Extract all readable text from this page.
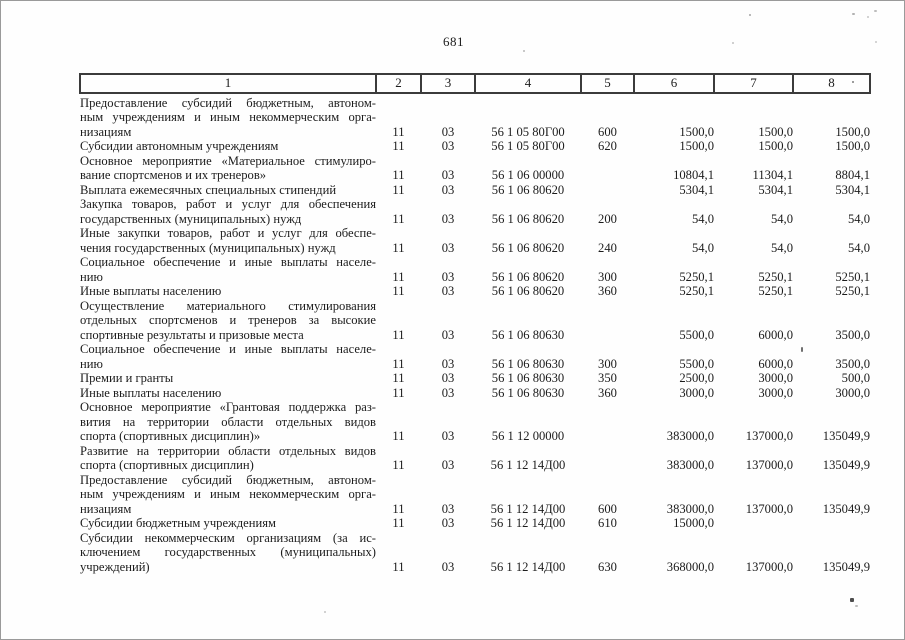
681
1	2	3	4	5	6	7	8

Предоставление субсидий бюджетным, автоном-
ным учреждениям и иным некоммерческим орга-
низациям	11	03	56 1 05 80Г00	600	1500,0	1500,0	1500,0

Субсидии автономным учреждениям	11	03	56 1 05 80Г00	620	1500,0	1500,0	1500,0

Основное мероприятие «Материальное стимулиро-
вание спортсменов и их тренеров»	11	03	56 1 06 00000		10804,1	11304,1	8804,1

Выплата ежемесячных специальных стипендий	11	03	56 1 06 80620		5304,1	5304,1	5304,1

Закупка товаров, работ и услуг для обеспечения
государственных (муниципальных) нужд	11	03	56 1 06 80620	200	54,0	54,0	54,0

Иные закупки товаров, работ и услуг для обеспе-
чения государственных (муниципальных) нужд	11	03	56 1 06 80620	240	54,0	54,0	54,0

Социальное обеспечение и иные выплаты населе-
нию	11	03	56 1 06 80620	300	5250,1	5250,1	5250,1

Иные выплаты населению	11	03	56 1 06 80620	360	5250,1	5250,1	5250,1

Осуществление материального стимулирования
отдельных спортсменов и тренеров за высокие
спортивные результаты и призовые места	11	03	56 1 06 80630		5500,0	6000,0	3500,0

Социальное обеспечение и иные выплаты населе-
нию	11	03	56 1 06 80630	300	5500,0	6000,0	3500,0

Премии и гранты	11	03	56 1 06 80630	350	2500,0	3000,0	500,0

Иные выплаты населению	11	03	56 1 06 80630	360	3000,0	3000,0	3000,0

Основное мероприятие «Грантовая поддержка раз-
вития на территории области отдельных видов
спорта (спортивных дисциплин)»	11	03	56 1 12 00000		383000,0	137000,0	135049,9

Развитие на территории области отдельных видов
спорта (спортивных дисциплин)	11	03	56 1 12 14Д00		383000,0	137000,0	135049,9

Предоставление субсидий бюджетным, автоном-
ным учреждениям и иным некоммерческим орга-
низациям	11	03	56 1 12 14Д00	600	383000,0	137000,0	135049,9

Субсидии бюджетным учреждениям	11	03	56 1 12 14Д00	610	15000,0		

Субсидии некоммерческим организациям (за ис-
ключением государственных (муниципальных)
учреждений)	11	03	56 1 12 14Д00	630	368000,0	137000,0	135049,9
